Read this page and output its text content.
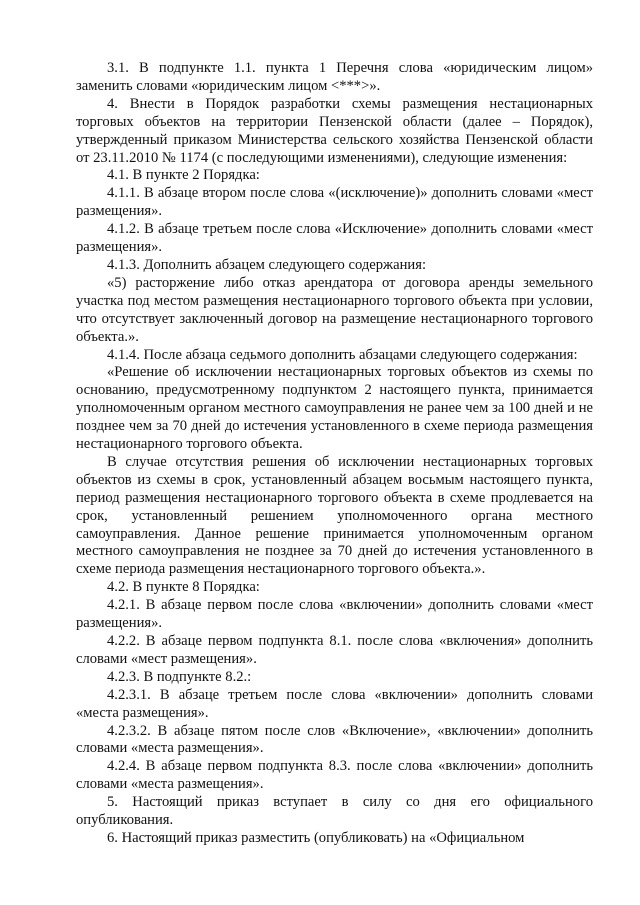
3.1. В подпункте 1.1. пункта 1 Перечня слова «юридическим лицом» заменить словами «юридическим лицом <***>».

4. Внести в Порядок разработки схемы размещения нестационарных торговых объектов на территории Пензенской области (далее – Порядок), утвержденный приказом Министерства сельского хозяйства Пензенской области от 23.11.2010 № 1174 (с последующими изменениями), следующие изменения:

4.1. В пункте 2 Порядка:

4.1.1. В абзаце втором после слова «(исключение)» дополнить словами «мест размещения».

4.1.2. В абзаце третьем после слова «Исключение» дополнить словами «мест размещения».

4.1.3. Дополнить абзацем следующего содержания:

«5) расторжение либо отказ арендатора от договора аренды земельного участка под местом размещения нестационарного торгового объекта при условии, что отсутствует заключенный договор на размещение нестационарного торгового объекта.».

4.1.4. После абзаца седьмого дополнить абзацами следующего содержания:

«Решение об исключении нестационарных торговых объектов из схемы по основанию, предусмотренному подпунктом 2 настоящего пункта, принимается уполномоченным органом местного самоуправления не ранее чем за 100 дней и не позднее чем за 70 дней до истечения установленного в схеме периода размещения нестационарного торгового объекта.

В случае отсутствия решения об исключении нестационарных торговых объектов из схемы в срок, установленный абзацем восьмым настоящего пункта, период размещения нестационарного торгового объекта в схеме продлевается на срок, установленный решением уполномоченного органа местного самоуправления. Данное решение принимается уполномоченным органом местного самоуправления не позднее за 70 дней до истечения установленного в схеме периода размещения нестационарного торгового объекта.».

4.2. В пункте 8 Порядка:

4.2.1. В абзаце первом после слова «включении» дополнить словами «мест размещения».

4.2.2. В абзаце первом подпункта 8.1. после слова «включения» дополнить словами «мест размещения».

4.2.3. В подпункте 8.2.:

4.2.3.1. В абзаце третьем после слова «включении» дополнить словами «места размещения».

4.2.3.2. В абзаце пятом после слов «Включение», «включении» дополнить словами «места размещения».

4.2.4. В абзаце первом подпункта 8.3. после слова «включении» дополнить словами «места размещения».

5. Настоящий приказ вступает в силу со дня его официального опубликования.

6. Настоящий приказ разместить (опубликовать) на «Официальном
